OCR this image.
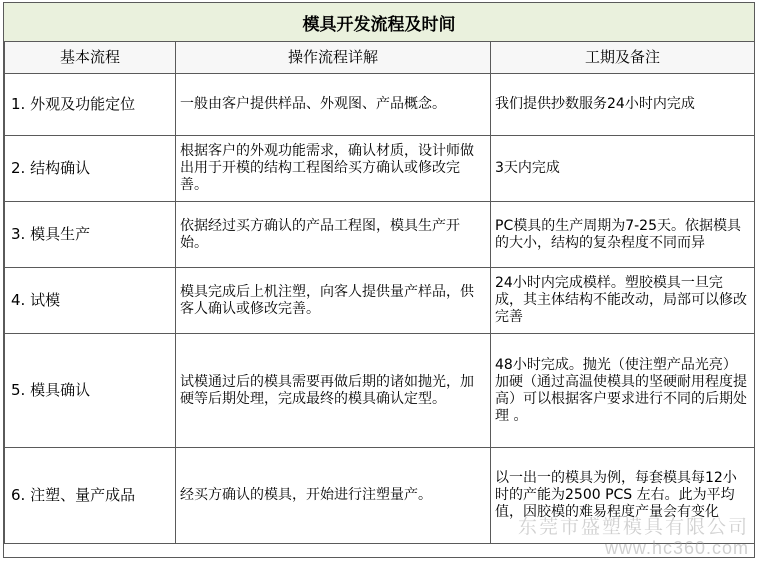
模具开发流程及时间
基本流程	操作流程详解	工期及备注
1. 外观及功能定位	一般由客户提供样品、外观图、产品概念。	我们提供抄数服务24小时内完成
2. 结构确认	根据客户的外观功能需求，确认材质，设计师做出用于开模的结构工程图给买方确认或修改完善。	3天内完成
3. 模具生产	依据经过买方确认的产品工程图，模具生产开始。	PC模具的生产周期为7-25天。依据模具的大小，结构的复杂程度不同而异
4. 试模	模具完成后上机注塑，向客人提供量产样品，供客人确认或修改完善。	24小时内完成模样。塑胶模具一旦完成，其主体结构不能改动，局部可以修改完善
5. 模具确认	试模通过后的模具需要再做后期的诸如抛光，加硬等后期处理，完成最终的模具确认定型。	48小时完成。抛光（使注塑产品光亮）加硬（通过高温使模具的坚硬耐用程度提高）可以根据客户要求进行不同的后期处理 。
6. 注塑、量产成品	经买方确认的模具，开始进行注塑量产。	以一出一的模具为例，每套模具每12小时的产能为2500 PCS 左右。此为平均值，因胶模的难易程度产量会有变化
东莞市盛塑模具有限公司
www.hc360.com
